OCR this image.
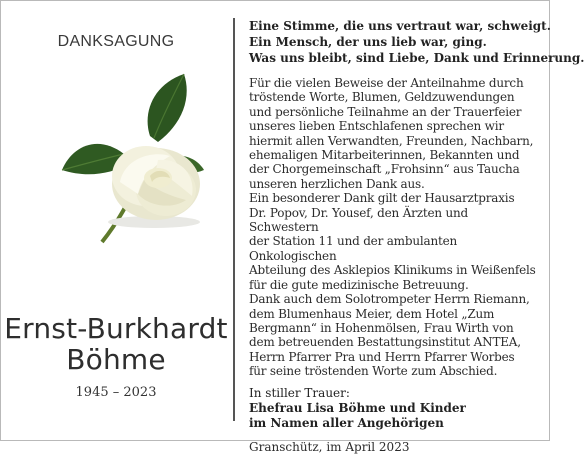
DANKSAGUNG
Ernst-Burkhardt
Böhme
1945 – 2023
Eine Stimme, die uns vertraut war, schweigt.
Ein Mensch, der uns lieb war, ging.
Was uns bleibt, sind Liebe, Dank und Erinnerung.
Für die vielen Beweise der Anteilnahme durch
tröstende Worte, Blumen, Geldzuwendungen
und persönliche Teilnahme an der Trauerfeier
unseres lieben Entschlafenen sprechen wir
hiermit allen Verwandten, Freunden, Nachbarn,
ehemaligen Mitarbeiterinnen, Bekannten und
der Chorgemeinschaft „Frohsinn“ aus Taucha
unseren herzlichen Dank aus.
Ein besonderer Dank gilt der Hausarztpraxis
Dr. Popov, Dr. Yousef, den Ärzten und Schwestern
der Station 11 und der ambulanten Onkologischen
Abteilung des Asklepios Klinikums in Weißenfels
für die gute medizinische Betreuung.
Dank auch dem Solotrompeter Herrn Riemann,
dem Blumenhaus Meier, dem Hotel „Zum
Bergmann“ in Hohenmölsen, Frau Wirth von
dem betreuenden Bestattungsinstitut ANTEA,
Herrn Pfarrer Pra und Herrn Pfarrer Worbes
für seine tröstenden Worte zum Abschied.
In stiller Trauer:
Ehefrau Lisa Böhme und Kinder
im Namen aller Angehörigen
Granschütz, im April 2023
